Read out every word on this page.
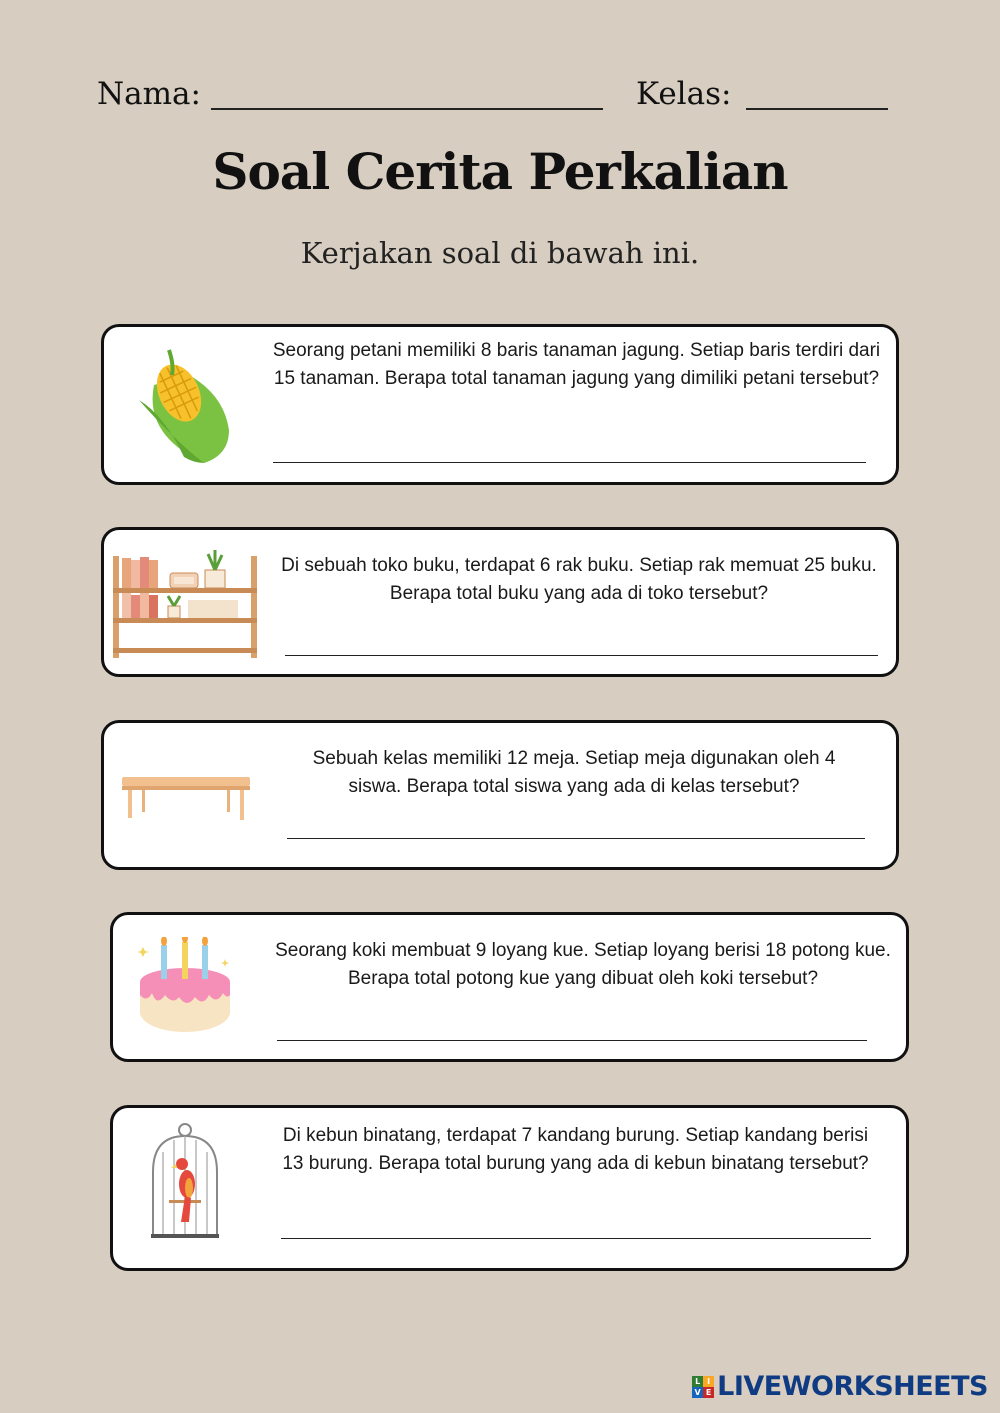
Nama:	Kelas:
Soal Cerita Perkalian
Kerjakan soal di bawah ini.
Seorang petani memiliki 8 baris tanaman jagung. Setiap baris terdiri dari 15 tanaman. Berapa total tanaman jagung yang dimiliki petani tersebut?
Di sebuah toko buku, terdapat 6 rak buku. Setiap rak memuat 25 buku. Berapa total buku yang ada di toko tersebut?
Sebuah kelas memiliki 12 meja. Setiap meja digunakan oleh 4 siswa. Berapa total siswa yang ada di kelas tersebut?
Seorang koki membuat 9 loyang kue. Setiap loyang berisi 18 potong kue. Berapa total potong kue yang dibuat oleh koki tersebut?
Di kebun binatang, terdapat 7 kandang burung. Setiap kandang berisi 13 burung. Berapa total burung yang ada di kebun binatang tersebut?
L I
V E LIVEWORKSHEETS
